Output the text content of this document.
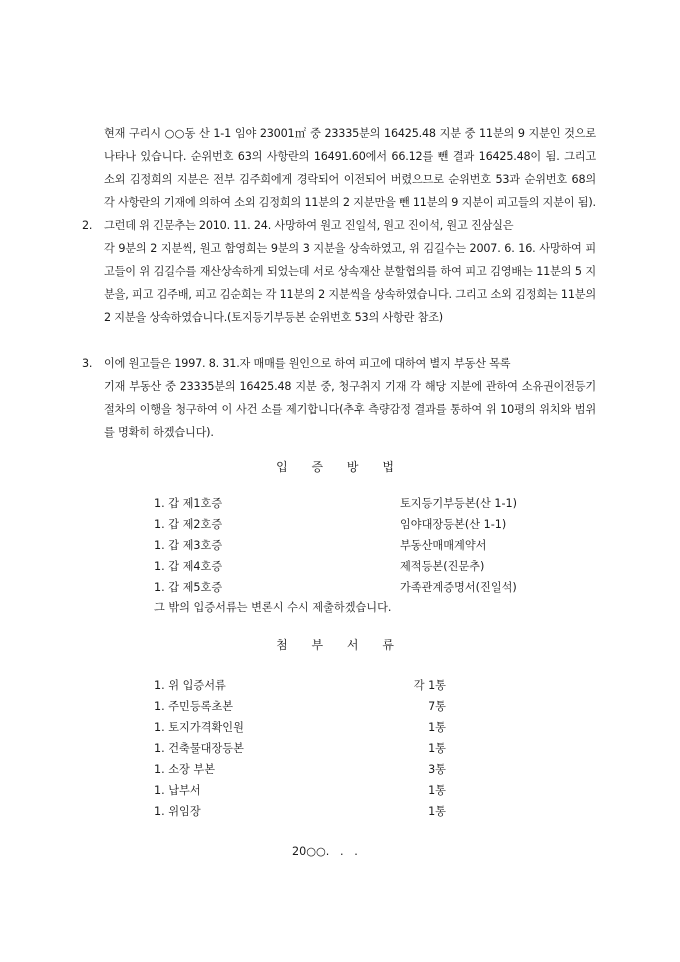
현재 구리시 ○○동 산 1-1 임야 23001㎡ 중 23335분의 16425.48 지분 중 11분의 9 지분인 것으로 나타나 있습니다. 순위번호 63의 사항란의 16491.60에서 66.12를 뺀 결과 16425.48이 됨. 그리고 소외 김정희의 지분은 전부 김주희에게 경락되어 이전되어 버렸으므로 순위번호 53과 순위번호 68의 각 사항란의 기재에 의하여 소외 김정희의 11분의 2 지분만을 뺀 11분의 9 지분이 피고들의 지분이 됨).
2. 그런데 위 긴문추는 2010. 11. 24. 사망하여 원고 진일석, 원고 진이석, 원고 진삼실은
각 9분의 2 지분씩, 원고 함영희는 9분의 3 지분을 상속하였고, 위 김길수는 2007. 6. 16. 사망하여 피고들이 위 김길수를 재산상속하게 되었는데 서로 상속재산 분할협의를 하여 피고 김영배는 11분의 5 지분을, 피고 김주배, 피고 김순희는 각 11분의 2 지분씩을 상속하였습니다. 그리고 소외 김정희는 11분의 2 지분을 상속하였습니다.(토지등기부등본 순위번호 53의 사항란 참조)
3. 이에 원고들은 1997. 8. 31.자 매매를 원인으로 하여 피고에 대하여 별지 부동산 목록
기재 부동산 중 23335분의 16425.48 지분 중, 청구취지 기재 각 해당 지분에 관하여 소유권이전등기절차의 이행을 청구하여 이 사건 소를 제기합니다(추후 측량감정 결과를 통하여 위 10평의 위치와 범위를 명확히 하겠습니다).
입 증 방 법
1. 갑 제1호증	토지등기부등본(산 1-1)
1. 갑 제2호증	임야대장등본(산 1-1)
1. 갑 제3호증	부동산매매계약서
1. 갑 제4호증	제적등본(진문추)
1. 갑 제5호증	가족관계증명서(진일석)
그 밖의 입증서류는 변론시 수시 제출하겠습니다.
첨 부 서 류
1. 위 입증서류	각 1통
1. 주민등록초본	7통
1. 토지가격확인원	1통
1. 건축물대장등본	1통
1. 소장 부본	3통
1. 납부서	1통
1. 위임장	1통
20○○.   .   .
